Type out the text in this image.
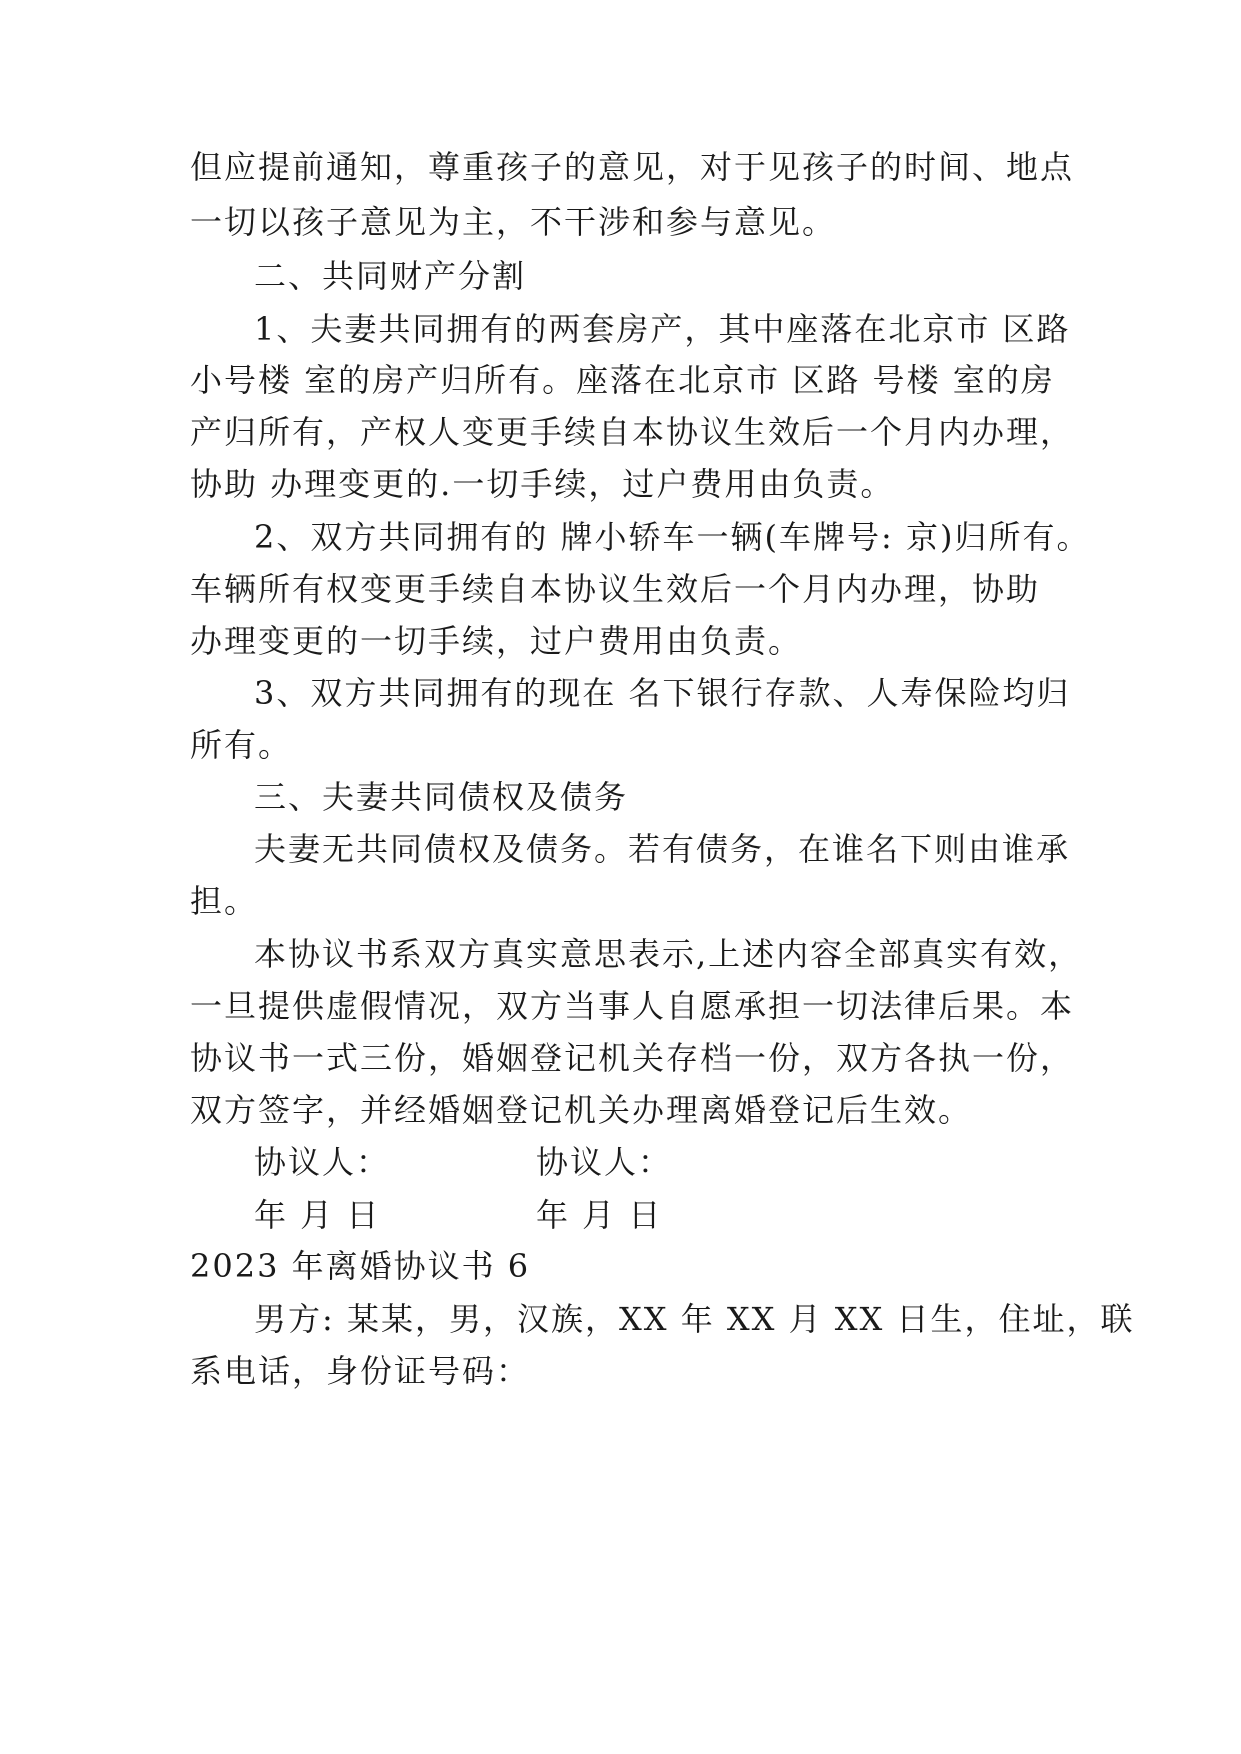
但应提前通知，尊重孩子的意见，对于见孩子的时间、地点
一切以孩子意见为主，不干涉和参与意见。
二、共同财产分割
1、夫妻共同拥有的两套房产，其中座落在北京市 区路
小号楼 室的房产归所有。座落在北京市 区路 号楼 室的房
产归所有，产权人变更手续自本协议生效后一个月内办理，
协助 办理变更的.一切手续，过户费用由负责。
2、双方共同拥有的 牌小轿车一辆(车牌号: 京)归所有。
车辆所有权变更手续自本协议生效后一个月内办理，协助
办理变更的一切手续，过户费用由负责。
3、双方共同拥有的现在 名下银行存款、人寿保险均归
所有。
三、夫妻共同债权及债务
夫妻无共同债权及债务。若有债务，在谁名下则由谁承
担。
本协议书系双方真实意思表示,上述内容全部真实有效，
一旦提供虚假情况，双方当事人自愿承担一切法律后果。本
协议书一式三份，婚姻登记机关存档一份，双方各执一份，
双方签字，并经婚姻登记机关办理离婚登记后生效。
协议人：	协议人：
年 月 日	年 月 日
2023 年离婚协议书 6
男方: 某某，男，汉族，XX 年 XX 月 XX 日生，住址，联
系电话，身份证号码：
